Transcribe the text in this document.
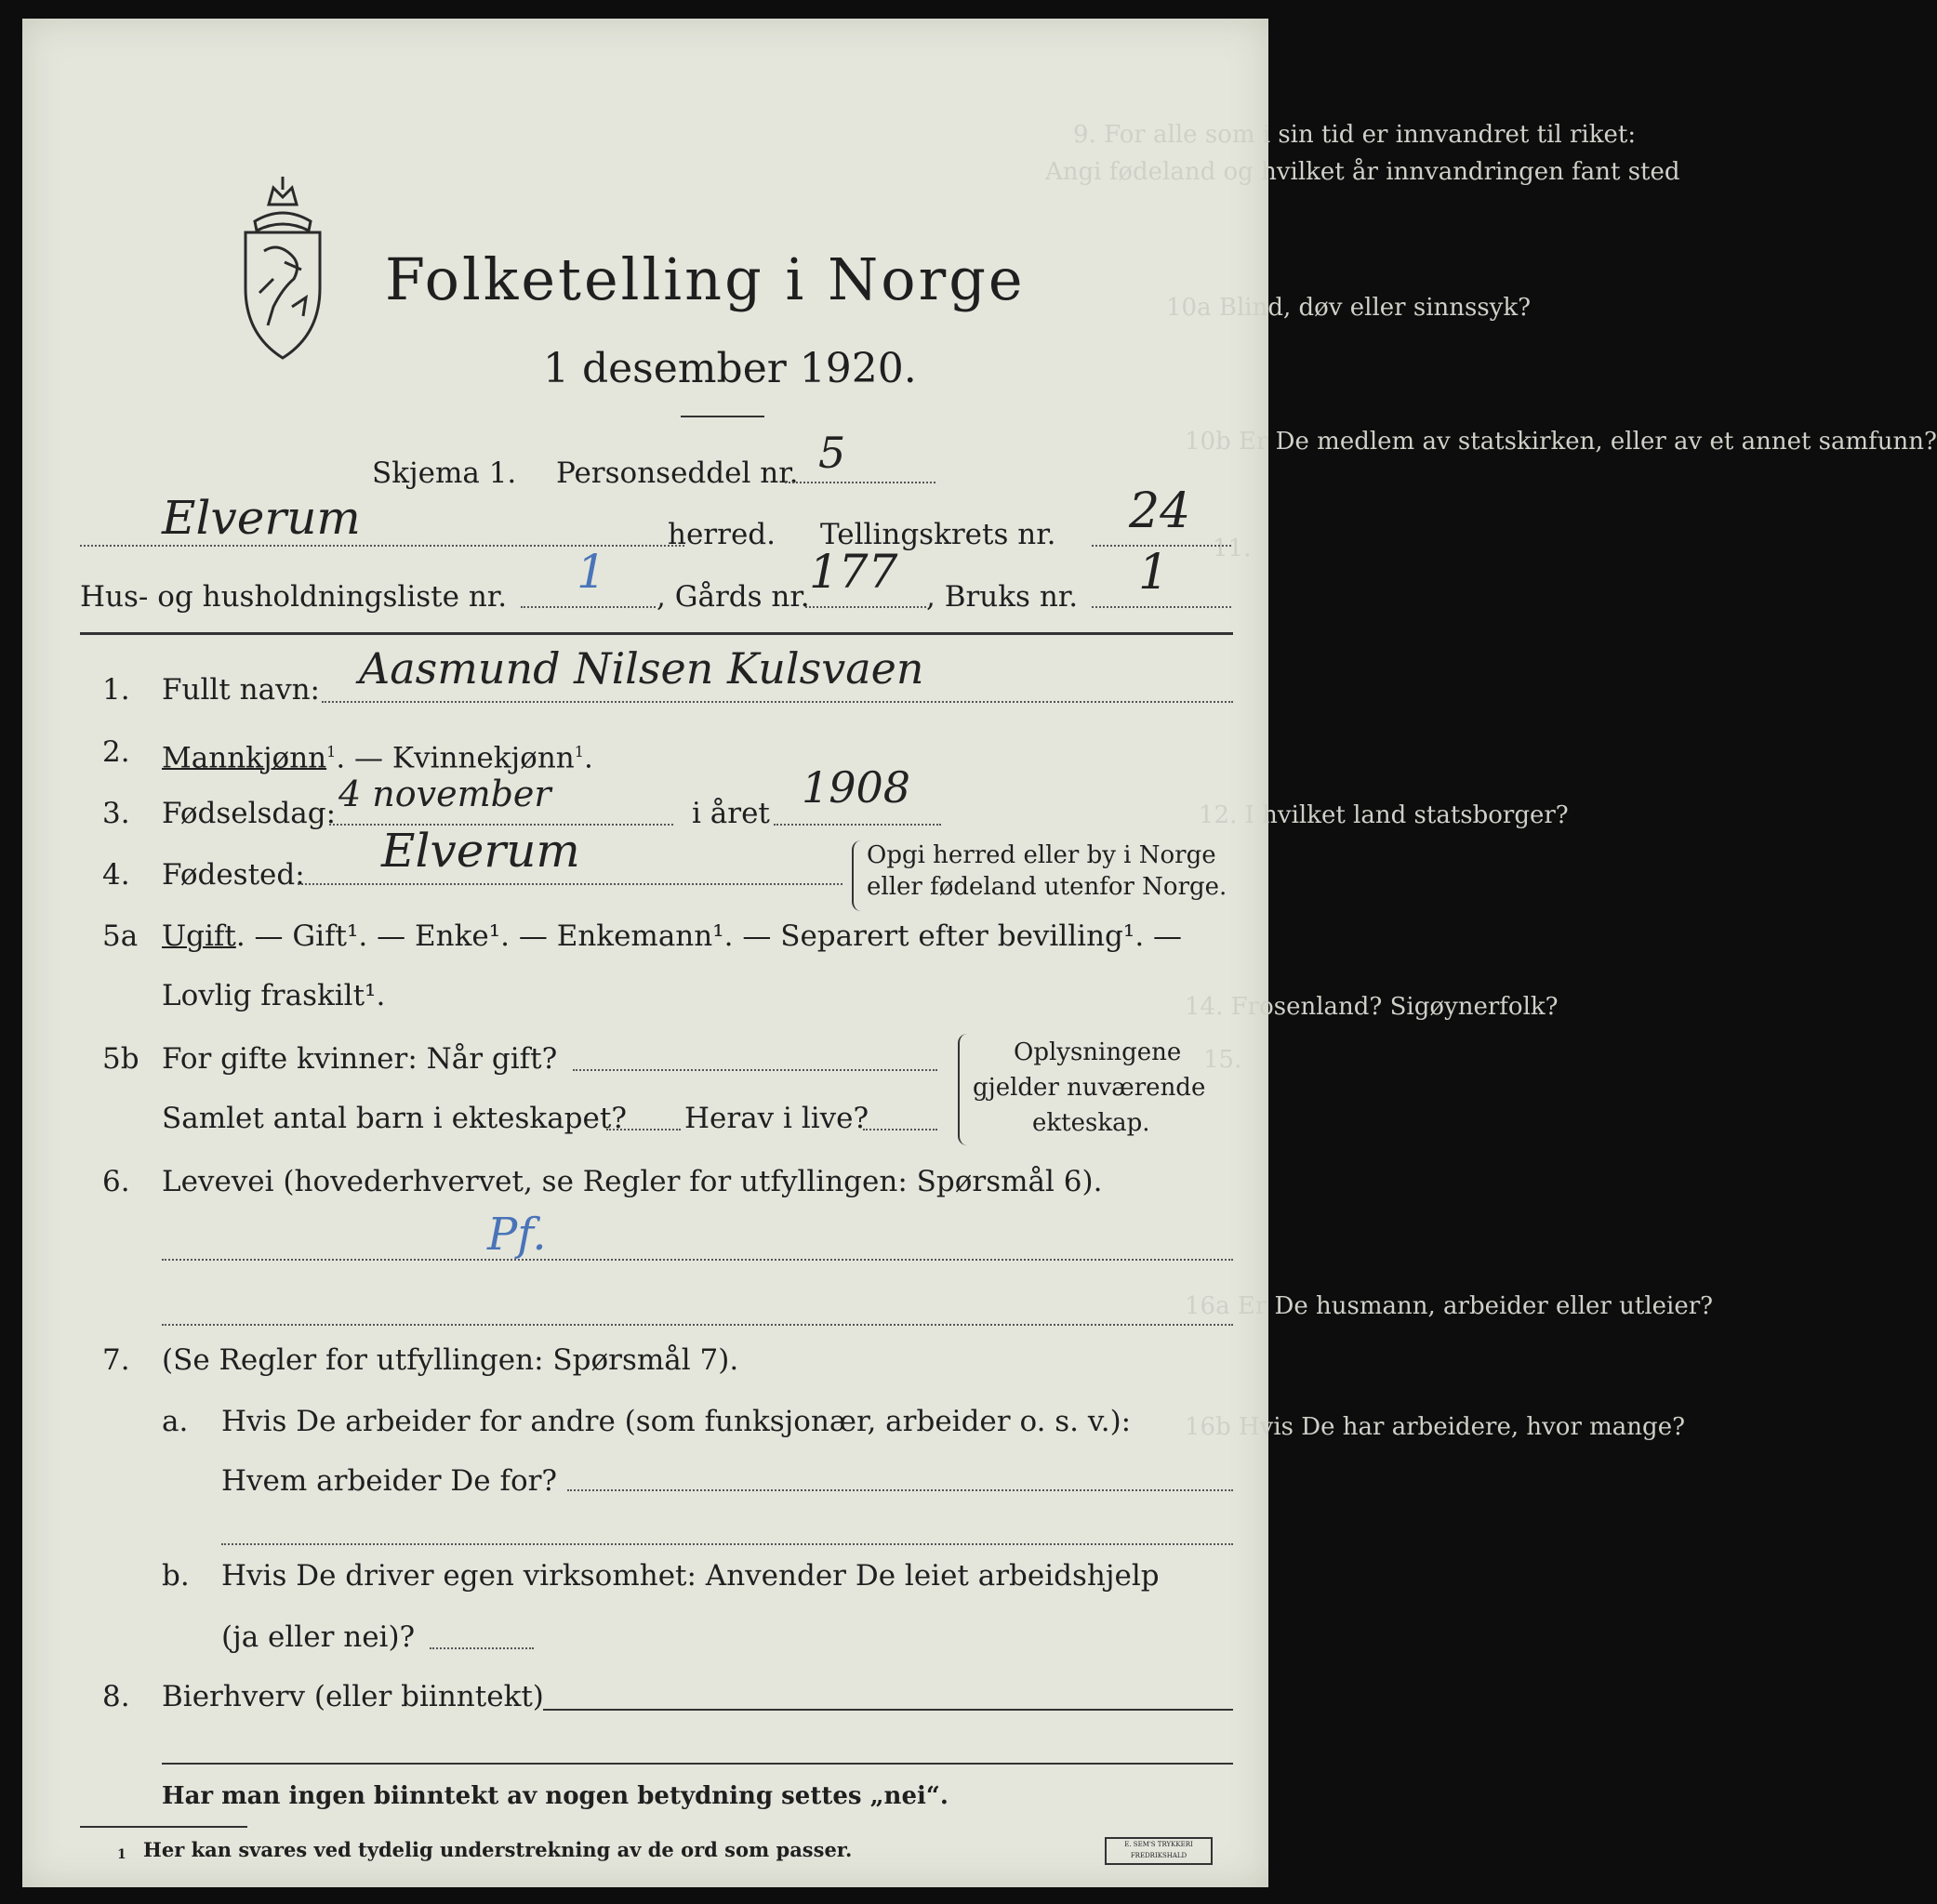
9. For alle som i sin tid er innvandret til riket:
Angi fødeland og hvilket år innvandringen fant sted
10a Blind, døv eller sinnssyk?
10b Er De medlem av statskirken, eller av et annet samfunn?
11.
12. I hvilket land statsborger?
14. Frosenland? Sigøynerfolk?
15.
16a Er De husmann, arbeider eller utleier?
16b Hvis De har arbeidere, hvor mange?
Folketelling i Norge
1 desember 1920.
Skjema 1. Personseddel nr. 5
Elverum	herred. Tellingskrets nr. 24
Hus- og husholdningsliste nr. 1 , Gårds nr. 177 , Bruks nr. 1
1. Fullt navn: Aasmund Nilsen Kulsvaen
2. Mannkjønn$^1$. — Kvinnekjønn$^1$.
3. Fødselsdag: 4 november	i året
1908
4. Fødested: Elverum	Opgi herred eller by i Norge
eller fødeland utenfor Norge.
5a Ugift. — Gift¹. — Enke¹. — Enkemann¹. — Separert efter bevilling¹. —
Lovlig fraskilt¹.
5b For gifte kvinner: Når gift?
Samlet antal barn i ekteskapet? Herav i live?
Oplysningene
gjelder nuværende
ekteskap.
6. Levevei (hovederhvervet, se Regler for utfyllingen: Spørsmål 6).
Pf.
7. (Se Regler for utfyllingen: Spørsmål 7).
a. Hvis De arbeider for andre (som funksjonær, arbeider o. s. v.):
Hvem arbeider De for?
b. Hvis De driver egen virksomhet: Anvender De leiet arbeidshjelp
(ja eller nei)?
8. Bierhverv (eller biinntekt)
Har man ingen biinntekt av nogen betydning settes „nei“.
1 Her kan svares ved tydelig understrekning av de ord som passer.	E. SEM'S TRYKKERI FREDRIKSHALD
